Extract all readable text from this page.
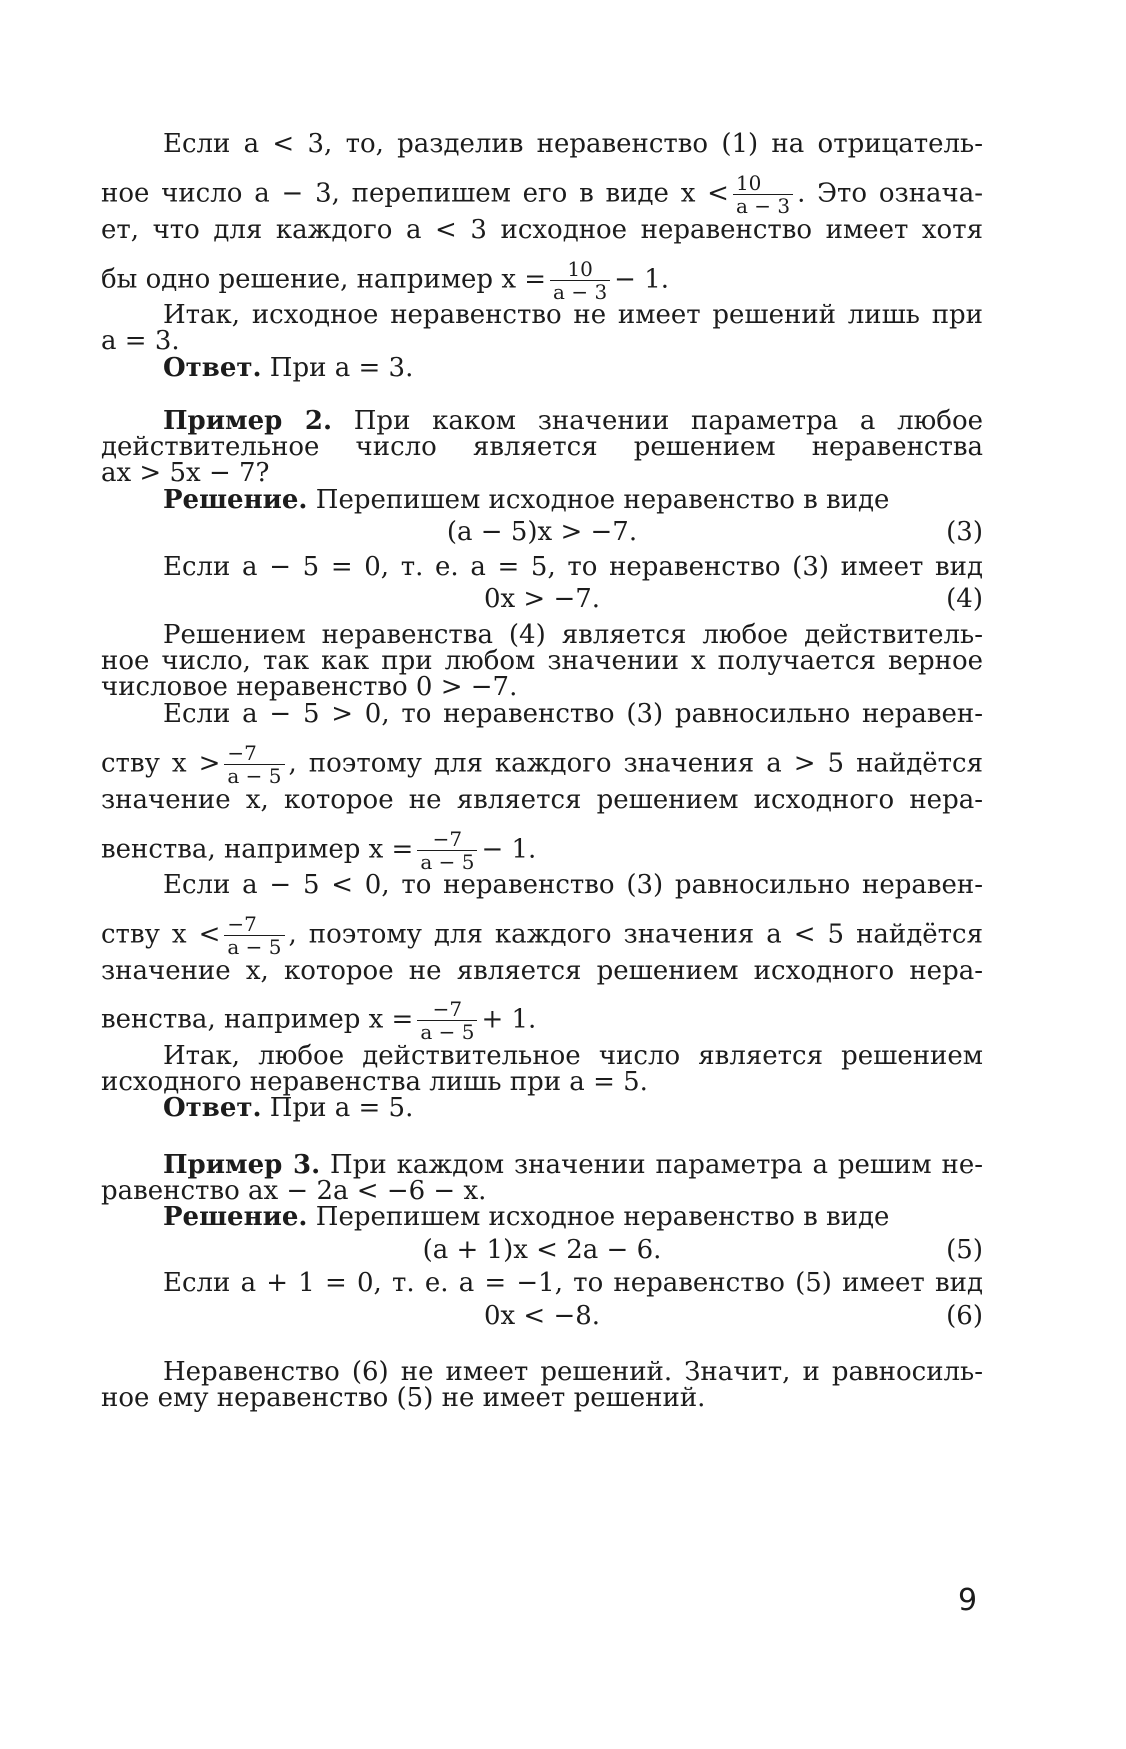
Если a < 3, то, разделив неравенство (1) на отрицатель-
ное число a − 3, перепишем его в виде $x < \frac{10}{a - 3}$ . Это означа-
ет, что для каждого a < 3 исходное неравенство имеет хотя
бы одно решение, например $x = \frac{10}{a - 3} - 1$.
Итак, исходное неравенство не имеет решений лишь при
a = 3.
Ответ. При a = 3.
Пример 2. При каком значении параметра a любое
действительное число является решением неравенства
ax > 5x − 7?
Решение. Перепишем исходное неравенство в виде
(a − 5)x > −7.	(3)
Если a − 5 = 0, т. е. a = 5, то неравенство (3) имеет вид
0x > −7.	(4)
Решением неравенства (4) является любое действитель-
ное число, так как при любом значении x получается верное
числовое неравенство 0 > −7.
Если a − 5 > 0, то неравенство (3) равносильно неравен-
ству $x > \frac{-7}{a - 5}$ , поэтому для каждого значения a > 5 найдётся
значение x, которое не является решением исходного нера-
венства, например $x = \frac{-7}{a - 5} - 1$.
Если a − 5 < 0, то неравенство (3) равносильно неравен-
ству $x < \frac{-7}{a - 5}$ , поэтому для каждого значения a < 5 найдётся
значение x, которое не является решением исходного нера-
венства, например $x = \frac{-7}{a - 5} + 1$.
Итак, любое действительное число является решением
исходного неравенства лишь при a = 5.
Ответ. При a = 5.
Пример 3. При каждом значении параметра a решим не-
равенство ax − 2a < −6 − x.
Решение. Перепишем исходное неравенство в виде
(a + 1)x < 2a − 6.	(5)
Если a + 1 = 0, т. е. a = −1, то неравенство (5) имеет вид
0x < −8.	(6)
Неравенство (6) не имеет решений. Значит, и равносиль-
ное ему неравенство (5) не имеет решений.
9
